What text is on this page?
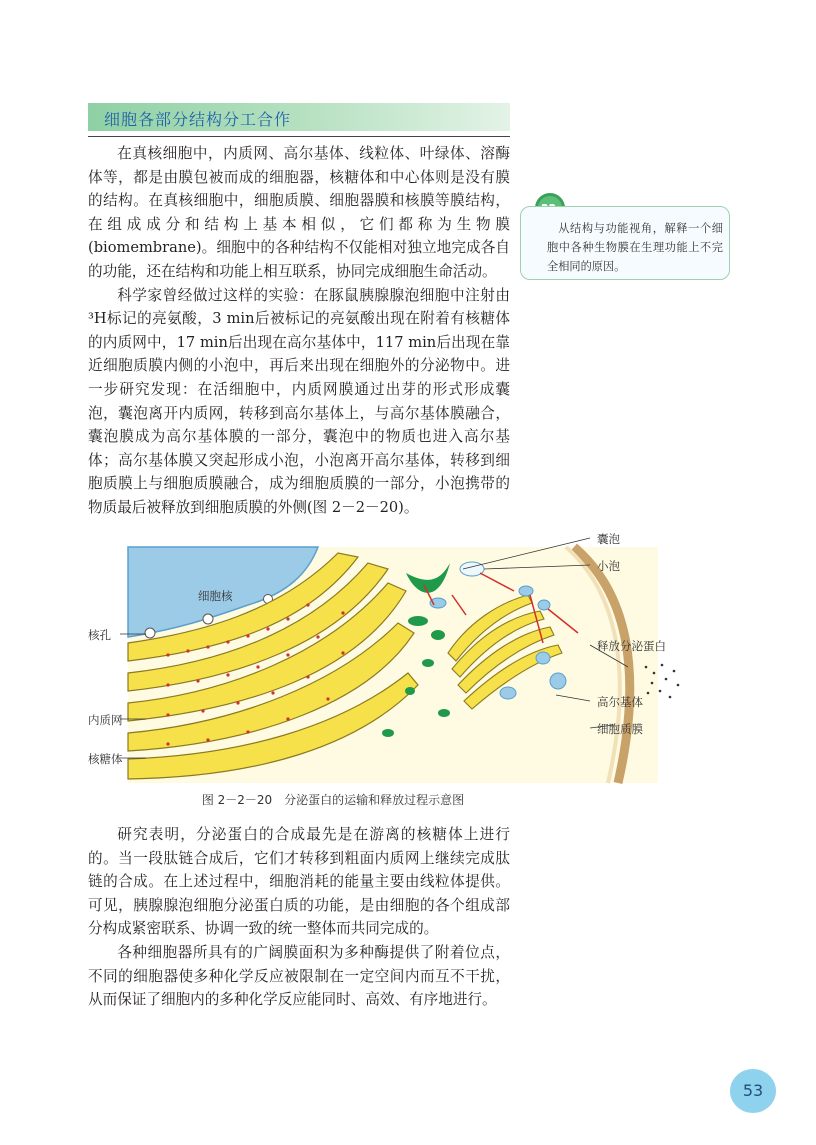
细胞各部分结构分工合作

在真核细胞中，内质网、高尔基体、线粒体、叶绿体、溶酶体等，都是由膜包被而成的细胞器，核糖体和中心体则是没有膜的结构。在真核细胞中，细胞质膜、细胞器膜和核膜等膜结构，在组成成分和结构上基本相似，它们都称为生物膜(biomembrane)。细胞中的各种结构不仅能相对独立地完成各自的功能，还在结构和功能上相互联系，协同完成细胞生命活动。

科学家曾经做过这样的实验：在豚鼠胰腺腺泡细胞中注射由³H标记的亮氨酸，3 min后被标记的亮氨酸出现在附着有核糖体的内质网中，17 min后出现在高尔基体中，117 min后出现在靠近细胞质膜内侧的小泡中，再后来出现在细胞外的分泌物中。进一步研究发现：在活细胞中，内质网膜通过出芽的形式形成囊泡，囊泡离开内质网，转移到高尔基体上，与高尔基体膜融合，囊泡膜成为高尔基体膜的一部分，囊泡中的物质也进入高尔基体；高尔基体膜又突起形成小泡，小泡离开高尔基体，转移到细胞质膜上与细胞质膜融合，成为细胞质膜的一部分，小泡携带的物质最后被释放到细胞质膜的外侧(图 2－2－20)。

从结构与功能视角，解释一个细胞中各种生物膜在生理功能上不完全相同的原因。
细胞核
核孔
内质网
核糖体
囊泡
小泡
释放分泌蛋白
高尔基体
细胞质膜
图 2－2－20　分泌蛋白的运输和释放过程示意图

研究表明，分泌蛋白的合成最先是在游离的核糖体上进行的。当一段肽链合成后，它们才转移到粗面内质网上继续完成肽链的合成。在上述过程中，细胞消耗的能量主要由线粒体提供。可见，胰腺腺泡细胞分泌蛋白质的功能，是由细胞的各个组成部分构成紧密联系、协调一致的统一整体而共同完成的。

各种细胞器所具有的广阔膜面积为多种酶提供了附着位点，不同的细胞器使多种化学反应被限制在一定空间内而互不干扰，从而保证了细胞内的多种化学反应能同时、高效、有序地进行。

53
